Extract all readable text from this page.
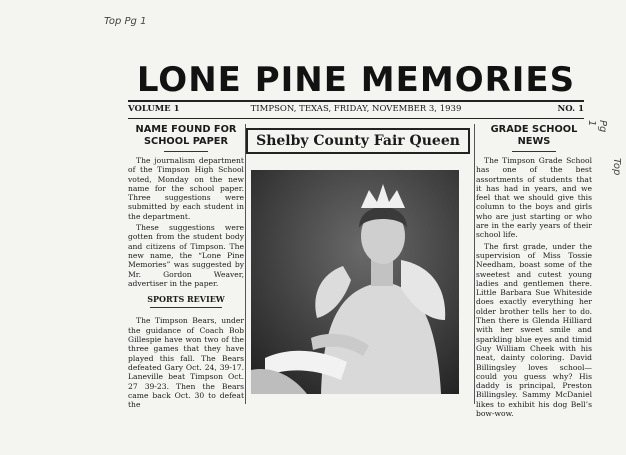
Top Pg 1
Pg 1
Top
LONE PINE MEMORIES
VOLUME 1	TIMPSON, TEXAS, FRIDAY, NOVEMBER 3, 1939	NO. 1
NAME FOUND FOR SCHOOL PAPER

The journalism department of the Timpson High School voted, Monday on the new name for the school paper. Three suggestions were submitted by each student in the department.

These suggestions were gotten from the student body and citizens of Timpson. The new name, the “Lone Pine Memories” was suggested by Mr. Gordon Weaver, advertiser in the paper.

SPORTS REVIEW

The Timpson Bears, under the guidance of Coach Bob Gillespie have won two of the three games that they have played this fall. The Bears defeated Gary Oct. 24, 39-17. Laneville beat Timpson Oct. 27 39-23. Then the Bears came back Oct. 30 to defeat the

Shelby County Fair Queen
GRADE SCHOOL NEWS

The Timpson Grade School has one of the best assortments of students that it has had in years, and we feel that we should give this column to the boys and girls who are just starting or who are in the early years of their school life.

The first grade, under the supervision of Miss Tossie Needham, boast some of the sweetest and cutest young ladies and gentlemen there. Little Barbara Sue Whiteside does exactly everything her older brother tells her to do. Then there is Glenda Hilliard with her sweet smile and sparkling blue eyes and timid Guy William Cheek with his neat, dainty coloring. David Billingsley loves school—could you guess why? His daddy is principal, Preston Billingsley. Sammy McDaniel likes to exhibit his dog Bell’s bow-wow.
